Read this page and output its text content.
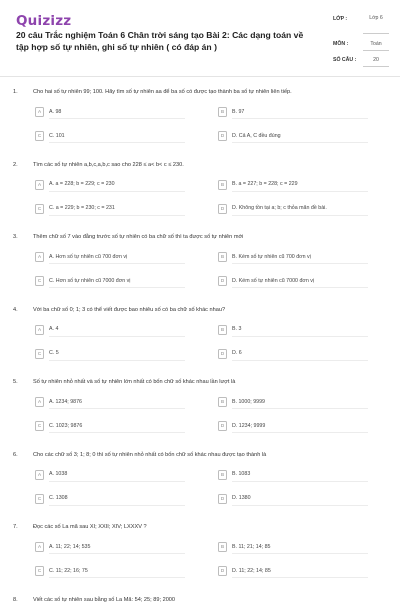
Quizizz
20 câu Trắc nghiệm Toán 6 Chân trời sáng tạo Bài 2: Các dạng toán về tập hợp số tự nhiên, ghi số tự nhiên ( có đáp án )
LỚP :	Lớp 6
MÔN :	Toán
SỐ CÂU :	20
1.	Cho hai số tự nhiên 99; 100. Hãy tìm số tự nhiên aa để ba số có được tạo thành ba số tự nhiên liên tiếp.
A	A. 98	B	B. 97
C	C. 101	D	D. Cả A, C đều đúng
2.	Tìm các số tự nhiên a,b,c,a,b,c sao cho 228 ≤ a< b< c ≤ 230.
A	A. a = 228; b = 229; c = 230	B	B. a = 227; b = 228; c = 229
C	C. a = 229; b = 230; c = 231	D	D. Không tồn tại a; b; c thỏa mãn đề bài.
3.	Thêm chữ số 7 vào đằng trước số tự nhiên có ba chữ số thì ta được số tự nhiên mới
A	A. Hơn số tự nhiên cũ 700 đơn vị	B	B. Kém số tự nhiên cũ 700 đơn vị
C	C. Hơn số tự nhiên cũ 7000 đơn vị	D	D. Kém số tự nhiên cũ 7000 đơn vị
4.	Với ba chữ số 0; 1; 3 có thể viết được bao nhiêu số có ba chữ số khác nhau?
A	A. 4	B	B. 3
C	C. 5	D	D. 6
5.	Số tự nhiên nhỏ nhất và số tự nhiên lớn nhất có bốn chữ số khác nhau lần lượt là
A	A. 1234; 9876	B	B. 1000; 9999
C	C. 1023; 9876	D	D. 1234; 9999
6.	Cho các chữ số 3; 1; 8; 0 thì số tự nhiên nhỏ nhất có bốn chữ số khác nhau được tạo thành là
A	A. 1038	B	B. 1083
C	C. 1308	D	D. 1380
7.	Đọc các số La mã sau XI; XXII; XIV; LXXXV ?
A	A. 11; 22; 14; 535	B	B. 11; 21; 14; 85
C	C. 11; 22; 16; 75	D	D. 11; 22; 14; 85
8.	Viết các số tự nhiên sau bằng số La Mã: 54; 25; 89; 2000
